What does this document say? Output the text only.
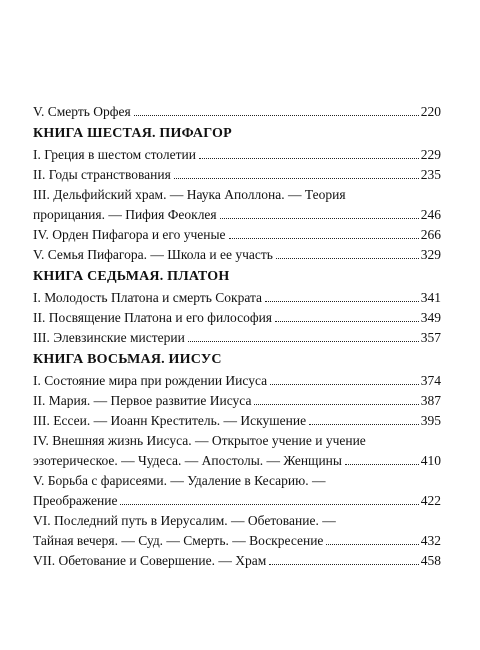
V. Смерть Орфея	220
КНИГА ШЕСТАЯ. ПИФАГОР
I. Греция в шестом столетии	229
II. Годы странствования	235
III. Дельфийский храм. — Наука Аполлона. — Теория
прорицания. — Пифия Феоклея	246
IV. Орден Пифагора и его ученые	266
V. Семья Пифагора. — Школа и ее участь	329
КНИГА СЕДЬМАЯ. ПЛАТОН
I. Молодость Платона и смерть Сократа	341
II. Посвящение Платона и его философия	349
III. Элевзинские мистерии	357
КНИГА ВОСЬМАЯ. ИИСУС
I. Состояние мира при рождении Иисуса	374
II. Мария. — Первое развитие Иисуса	387
III. Ессеи. — Иоанн Креститель. — Искушение	395
IV. Внешняя жизнь Иисуса. — Открытое учение и учение
эзотерическое. — Чудеса. — Апостолы. — Женщины	410
V. Борьба с фарисеями. — Удаление в Кесарию. —
Преображение	422
VI. Последний путь в Иерусалим. — Обетование. —
Тайная вечеря. — Суд. — Смерть. — Воскресение	432
VII. Обетование и Совершение. — Храм	458
